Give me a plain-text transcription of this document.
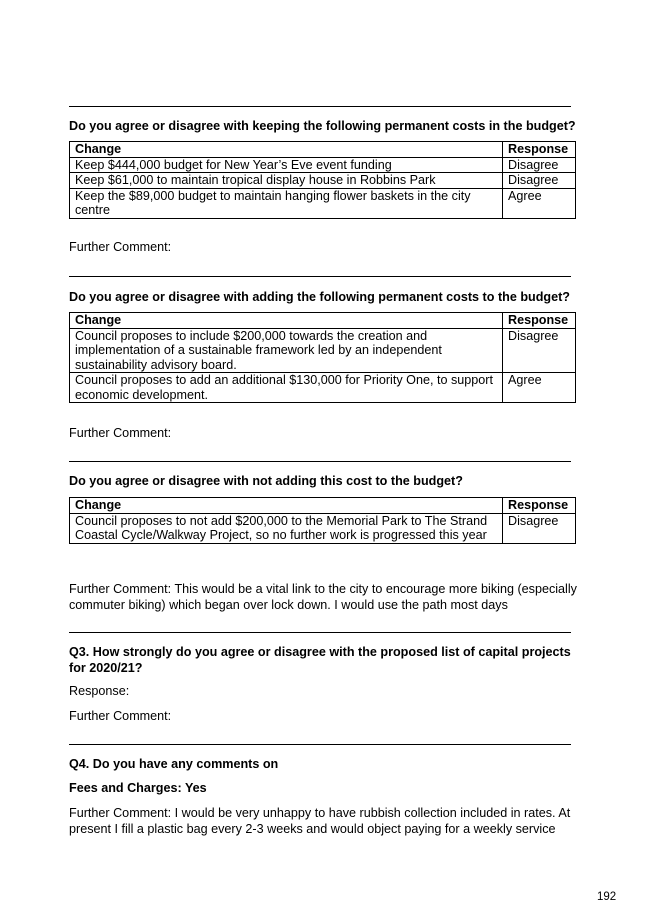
Do you agree or disagree with keeping the following permanent costs in the budget?
Change	Response
Keep $444,000 budget for New Year’s Eve event funding	Disagree
Keep $61,000 to maintain tropical display house in Robbins Park	Disagree
Keep the $89,000 budget to maintain hanging flower baskets in the city centre	Agree
Further Comment:
Do you agree or disagree with adding the following permanent costs to the budget?
Change	Response
Council proposes to include $200,000 towards the creation and implementation of a sustainable framework led by an independent sustainability advisory board.	Disagree
Council proposes to add an additional $130,000 for Priority One, to support economic development.	Agree
Further Comment:
Do you agree or disagree with not adding this cost to the budget?
Change	Response
Council proposes to not add $200,000 to the Memorial Park to The Strand Coastal Cycle/Walkway Project, so no further work is progressed this year	Disagree
Further Comment: This would be a vital link to the city to encourage more biking (especially commuter biking) which began over lock down. I would use the path most days
Q3. How strongly do you agree or disagree with the proposed list of capital projects for 2020/21?
Response:
Further Comment:
Q4. Do you have any comments on
Fees and Charges: Yes
Further Comment: I would be very unhappy to have rubbish collection included in rates. At present I fill a plastic bag every 2-3 weeks and would object paying for a weekly service
192
